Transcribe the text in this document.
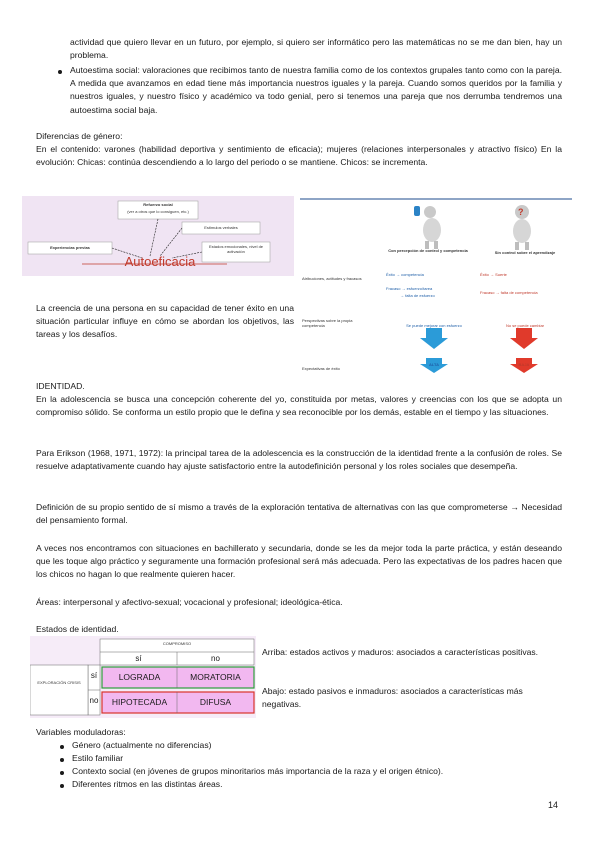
actividad que quiero llevar en un futuro, por ejemplo, si quiero ser informático pero las matemáticas no se me dan bien, hay un problema.

Autoestima social: valoraciones que recibimos tanto de nuestra familia como de los contextos grupales tanto como con la pareja. A medida que avanzamos en edad tiene más importancia nuestros iguales y la pareja. Cuando somos queridos por la familia y nuestros iguales, y nuestro físico y académico va todo genial, pero si tenemos una pareja que nos derrumba tendremos una autoestima social baja.

Diferencias de género:

En el contenido: varones (habilidad deportiva y sentimiento de eficacia); mujeres (relaciones interpersonales y atractivo físico) En la evolución: Chicas: continúa descendiendo a lo largo del periodo o se mantiene. Chicos: se incrementa.

Refuerzo social
(ver a otros que lo consiguen, etc.)
Estimulos verbales
Experiencias previas	Estados emocionales, nivel de activación
Autoeficacia

La creencia de una persona en su capacidad de tener éxito en una situación particular influye en cómo se abordan los objetivos, las tareas y los desafíos.

?
Con percepción de control y competencia	Sin control sobre el aprendizaje
Atribuciones, actitudes y fracasos
Perspectivas sobre la propia competencia
Expectativas de éxito
Éxito → competencia
Fracaso → esfuerzo/tarea
→ falta de esfuerzo
Éxito → Suerte
Fracaso → falta de competencia
Se puede mejorar con esfuerzo	No se puede cambiar
ALTA	BAJA

IDENTIDAD.

En la adolescencia se busca una concepción coherente del yo, constituida por metas, valores y creencias con los que se adopta un compromiso sólido. Se conforma un estilo propio que le defina y sea reconocible por los demás, estable en el tiempo y las situaciones.

Para Erikson (1968, 1971, 1972): la principal tarea de la adolescencia es la construcción de la identidad frente a la confusión de roles. Se resuelve adaptativamente cuando hay ajuste satisfactorio entre la autodefinición personal y los roles sociales que desempeña.

Definición de su propio sentido de sí mismo a través de la exploración tentativa de alternativas con las que comprometerse → Necesidad del pensamiento formal.

A veces nos encontramos con situaciones en bachillerato y secundaria, donde se les da mejor toda la parte práctica, y están deseando que les toque algo práctico y seguramente una formación profesional será más adecuada. Pero las expectativas de los padres hacen que los chicos no hagan lo que realmente quieren hacer.

Áreas: interpersonal y afectivo-sexual; vocacional y profesional; ideológica-ética.

Estados de identidad.

COMPROMISO
sí	no
EXPLORACIÓN CRISIS
sí
no
LOGRADA	MORATORIA
HIPOTECADA	DIFUSA

Arriba: estados activos y maduros: asociados a características positivas.

Abajo: estado pasivos e inmaduros: asociados a características más negativas.

Variables moduladoras:

Género (actualmente no diferencias)
Estilo familiar
Contexto social (en jóvenes de grupos minoritarios más importancia de la raza y el origen étnico).
Diferentes ritmos en las distintas áreas.
14
